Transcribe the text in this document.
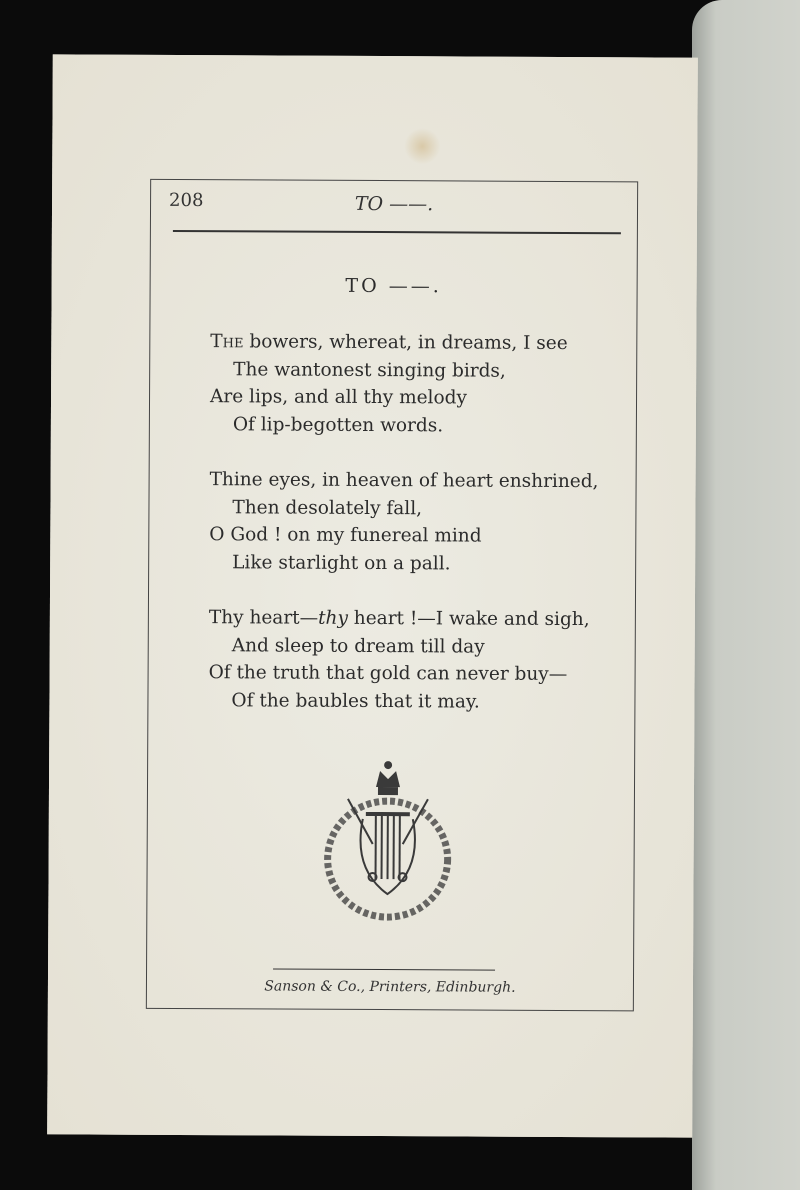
208	TO ——.
TO ——.
The bowers, whereat, in dreams, I see
The wantonest singing birds,
Are lips, and all thy melody
Of lip-begotten words.
Thine eyes, in heaven of heart enshrined,
Then desolately fall,
O God ! on my funereal mind
Like starlight on a pall.
Thy heart—thy heart !—I wake and sigh,
And sleep to dream till day
Of the truth that gold can never buy—
Of the baubles that it may.
Sanson & Co., Printers, Edinburgh.
